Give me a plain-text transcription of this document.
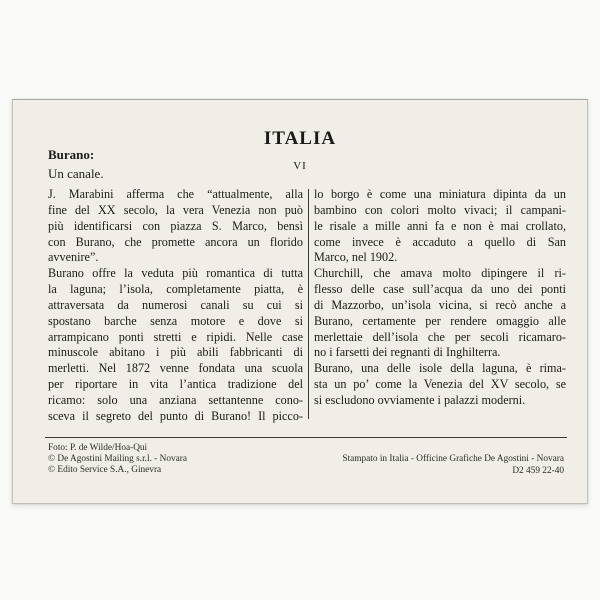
ITALIA
VI
Burano:
Un canale.
J. Marabini afferma che “attualmente, alla
fine del XX secolo, la vera Venezia non può
più identificarsi con piazza S. Marco, bensì
con Burano, che promette ancora un florido
avvenire”.
Burano offre la veduta più romantica di tutta
la laguna; l’isola, completamente piatta, è
attraversata da numerosi canali su cui si
spostano barche senza motore e dove si
arrampicano ponti stretti e ripidi. Nelle case
minuscole abitano i più abili fabbricanti di
merletti. Nel 1872 venne fondata una scuola
per riportare in vita l’antica tradizione del
ricamo: solo una anziana settantenne cono-
sceva il segreto del punto di Burano! Il picco-
lo borgo è come una miniatura dipinta da un
bambino con colori molto vivaci; il campani-
le risale a mille anni fa e non è mai crollato,
come invece è accaduto a quello di San
Marco, nel 1902.
Churchill, che amava molto dipingere il ri-
flesso delle case sull’acqua da uno dei ponti
di Mazzorbo, un’isola vicina, si recò anche a
Burano, certamente per rendere omaggio alle
merlettaie dell’isola che per secoli ricamaro-
no i farsetti dei regnanti di Inghilterra.
Burano, una delle isole della laguna, è rima-
sta un po’ come la Venezia del XV secolo, se
si escludono ovviamente i palazzi moderni.
Foto: P. de Wilde/Hoa-Qui
© De Agostini Mailing s.r.l. - Novara
© Edito Service S.A., Ginevra
Stampato in Italia - Officine Grafiche De Agostini - Novara
D2 459 22-40
